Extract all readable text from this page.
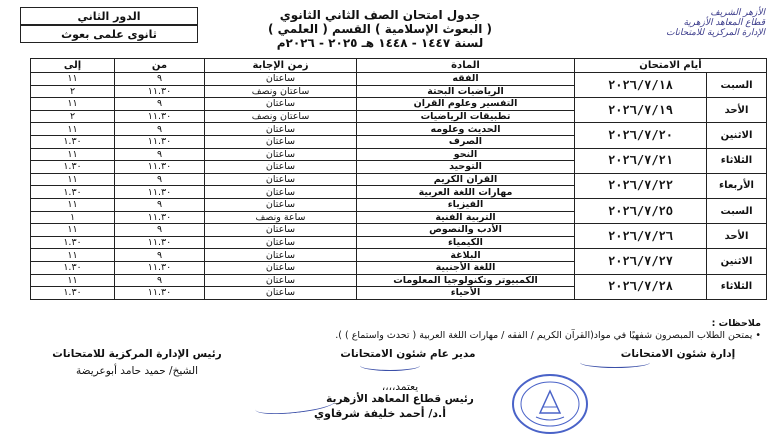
الدور الثاني
ثانوى علمى بعوث
جدول امتحان الصف الثاني الثانوي
( البعوث الإسلامية ) القسم ( العلمي )
لسنة ١٤٤٧ - ١٤٤٨ هـ ٢٠٢٥ - ٢٠٢٦م
الأزهر الشريف
قطاع المعاهد الأزهرية
الإدارة المركزية للامتحانات
أيام الامتحان		المادة	زمن الإجابة	من	إلى
السبت	٢٠٢٦/٧/١٨	الفقه	ساعتان	٩	١١
		الرياضيات البحتة	ساعتان ونصف	١١.٣٠	٢
الأحد	٢٠٢٦/٧/١٩	التفسير وعلوم القرآن	ساعتان	٩	١١
		تطبيقات الرياضيات	ساعتان ونصف	١١.٣٠	٢
الاثنين	٢٠٢٦/٧/٢٠	الحديث وعلومه	ساعتان	٩	١١
		الصرف	ساعتان	١١.٣٠	١.٣٠
الثلاثاء	٢٠٢٦/٧/٢١	النحو	ساعتان	٩	١١
		التوحيد	ساعتان	١١.٣٠	١.٣٠
الأربعاء	٢٠٢٦/٧/٢٢	القرآن الكريم	ساعتان	٩	١١
		مهارات اللغة العربية	ساعتان	١١.٣٠	١.٣٠
السبت	٢٠٢٦/٧/٢٥	الفيزياء	ساعتان	٩	١١
		التربية الفنية	ساعة ونصف	١١.٣٠	١
الأحد	٢٠٢٦/٧/٢٦	الأدب والنصوص	ساعتان	٩	١١
		الكيمياء	ساعتان	١١.٣٠	١.٣٠
الاثنين	٢٠٢٦/٧/٢٧	البلاغة	ساعتان	٩	١١
		اللغة الأجنبية	ساعتان	١١.٣٠	١.٣٠
الثلاثاء	٢٠٢٦/٧/٢٨	الكمبيوتر وتكنولوجيا المعلومات	ساعتان	٩	١١
		الأحياء	ساعتان	١١.٣٠	١.٣٠
ملاحظات :
• يمتحن الطلاب المبصرون شفهيًا في مواد(القرآن الكريم / الفقه / مهارات اللغة العربية ( تحدث واستماع ) ).
رئيس الإدارة المركزية للامتحانات
الشيخ/ حميد حامد أبوعريضة
مدير عام شئون الامتحانات	إدارة شئون الامتحانات
يعتمد،،،،
رئيس قطاع المعاهد الأزهرية
أ.د/ أحمد خليفة شرقاوي
